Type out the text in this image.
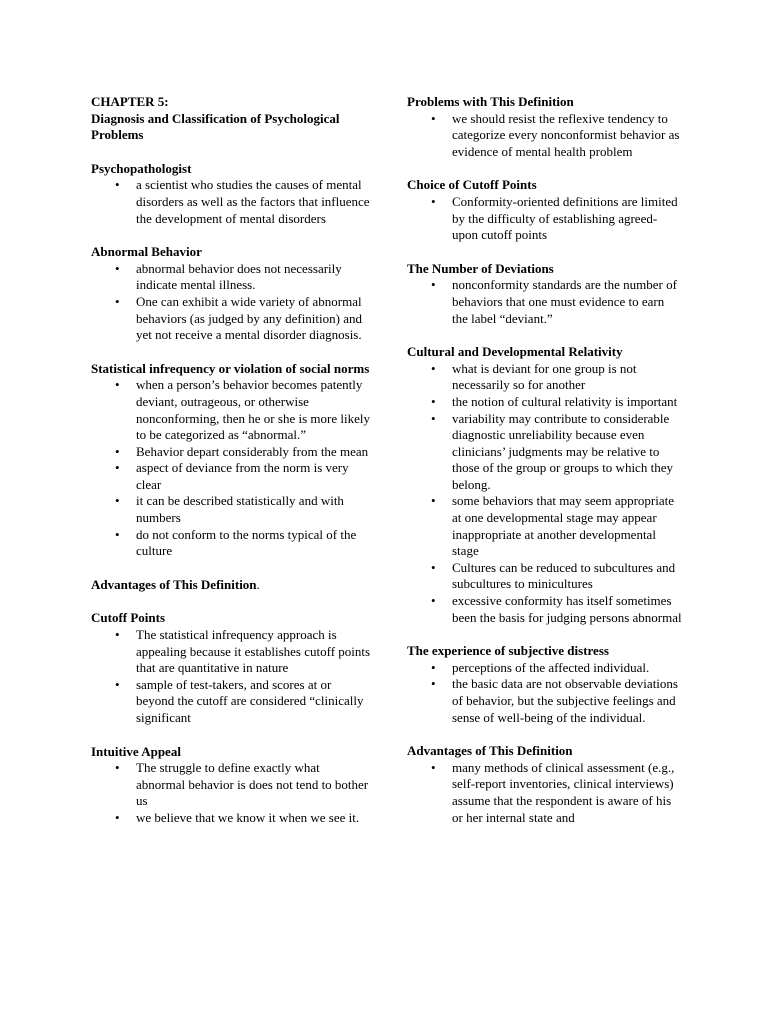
CHAPTER 5:
Diagnosis and Classification of Psychological Problems
Psychopathologist
• a scientist who studies the causes of mental disorders as well as the factors that influence the development of mental disorders
Abnormal Behavior
• abnormal behavior does not necessarily indicate mental illness.
• One can exhibit a wide variety of abnormal behaviors (as judged by any definition) and yet not receive a mental disorder diagnosis.
Statistical infrequency or violation of social norms
• when a person’s behavior becomes patently deviant, outrageous, or otherwise nonconforming, then he or she is more likely to be categorized as “abnormal.”
• Behavior depart considerably from the mean
• aspect of deviance from the norm is very clear
• it can be described statistically and with numbers
• do not conform to the norms typical of the culture
Advantages of This Definition.
Cutoff Points
• The statistical infrequency approach is appealing because it establishes cutoff points that are quantitative in nature
• sample of test-takers, and scores at or beyond the cutoff are considered “clinically significant
Intuitive Appeal
• The struggle to define exactly what abnormal behavior is does not tend to bother us
• we believe that we know it when we see it.
Problems with This Definition
• we should resist the reflexive tendency to categorize every nonconformist behavior as evidence of mental health problem
Choice of Cutoff Points
• Conformity-oriented definitions are limited by the difficulty of establishing agreed-upon cutoff points
The Number of Deviations
• nonconformity standards are the number of behaviors that one must evidence to earn the label “deviant.”
Cultural and Developmental Relativity
• what is deviant for one group is not necessarily so for another
• the notion of cultural relativity is important
• variability may contribute to considerable diagnostic unreliability because even clinicians’ judgments may be relative to those of the group or groups to which they belong.
• some behaviors that may seem appropriate at one developmental stage may appear inappropriate at another developmental stage
• Cultures can be reduced to subcultures and subcultures to minicultures
• excessive conformity has itself sometimes been the basis for judging persons abnormal
The experience of subjective distress
• perceptions of the affected individual.
• the basic data are not observable deviations of behavior, but the subjective feelings and sense of well-being of the individual.
Advantages of This Definition
• many methods of clinical assessment (e.g., self-report inventories, clinical interviews) assume that the respondent is aware of his or her internal state and
